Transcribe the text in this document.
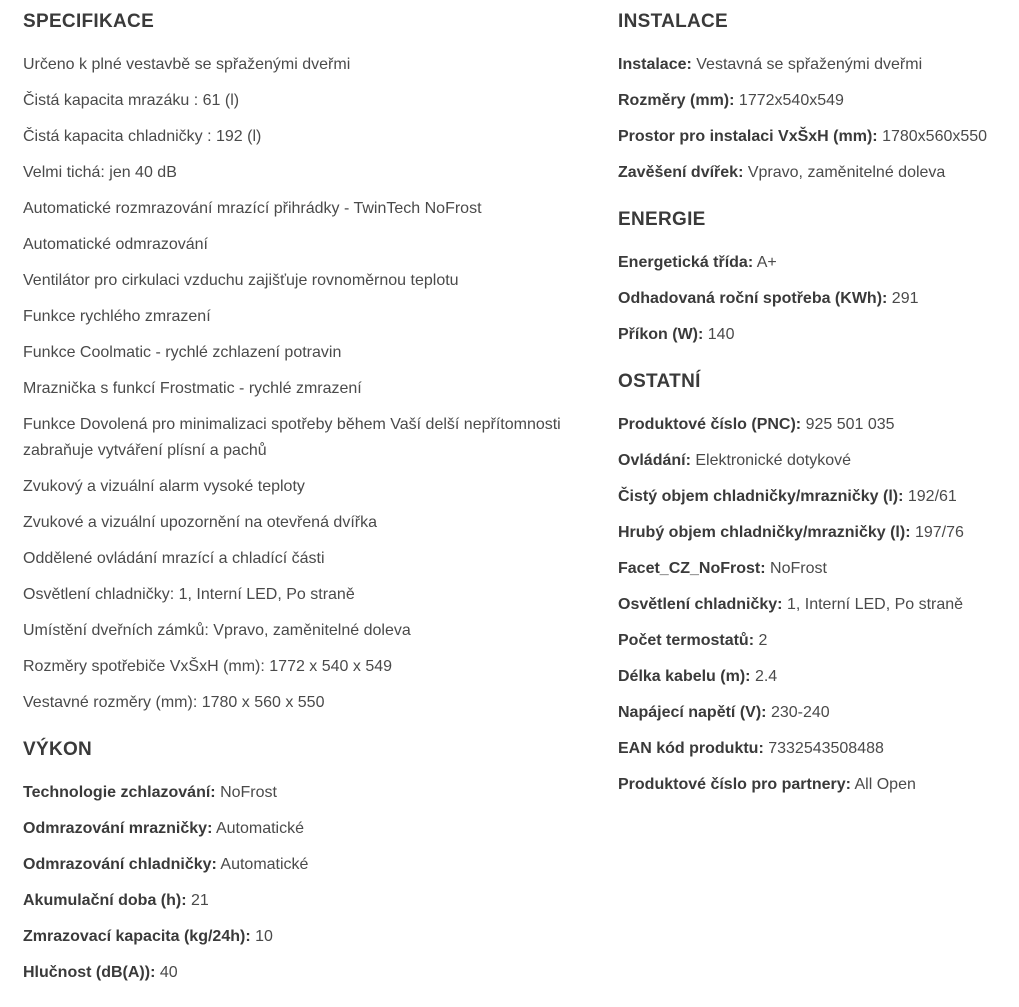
SPECIFIKACE
Určeno k plné vestavbě se spřaženými dveřmi
Čistá kapacita mrazáku : 61 (l)
Čistá kapacita chladničky : 192 (l)
Velmi tichá: jen 40 dB
Automatické rozmrazování mrazící přihrádky - TwinTech NoFrost
Automatické odmrazování
Ventilátor pro cirkulaci vzduchu zajišťuje rovnoměrnou teplotu
Funkce rychlého zmrazení
Funkce Coolmatic - rychlé zchlazení potravin
Mraznička s funkcí Frostmatic - rychlé zmrazení
Funkce Dovolená pro minimalizaci spotřeby během Vaší delší nepřítomnosti zabraňuje vytváření plísní a pachů
Zvukový a vizuální alarm vysoké teploty
Zvukové a vizuální upozornění na otevřená dvířka
Oddělené ovládání mrazící a chladící části
Osvětlení chladničky: 1, Interní LED, Po straně
Umístění dveřních zámků: Vpravo, zaměnitelné doleva
Rozměry spotřebiče VxŠxH (mm): 1772 x 540 x 549
Vestavné rozměry (mm): 1780 x 560 x 550
VÝKON
Technologie zchlazování: NoFrost
Odmrazování mrazničky: Automatické
Odmrazování chladničky: Automatické
Akumulační doba (h): 21
Zmrazovací kapacita (kg/24h): 10
Hlučnost (dB(A)): 40
INSTALACE
Instalace: Vestavná se spřaženými dveřmi
Rozměry (mm): 1772x540x549
Prostor pro instalaci VxŠxH (mm): 1780x560x550
Zavěšení dvířek: Vpravo, zaměnitelné doleva
ENERGIE
Energetická třída: A+
Odhadovaná roční spotřeba (KWh): 291
Příkon (W): 140
OSTATNÍ
Produktové číslo (PNC): 925 501 035
Ovládání: Elektronické dotykové
Čistý objem chladničky/mrazničky (l): 192/61
Hrubý objem chladničky/mrazničky (l): 197/76
Facet_CZ_NoFrost: NoFrost
Osvětlení chladničky: 1, Interní LED, Po straně
Počet termostatů: 2
Délka kabelu (m): 2.4
Napájecí napětí (V): 230-240
EAN kód produktu: 7332543508488
Produktové číslo pro partnery: All Open
